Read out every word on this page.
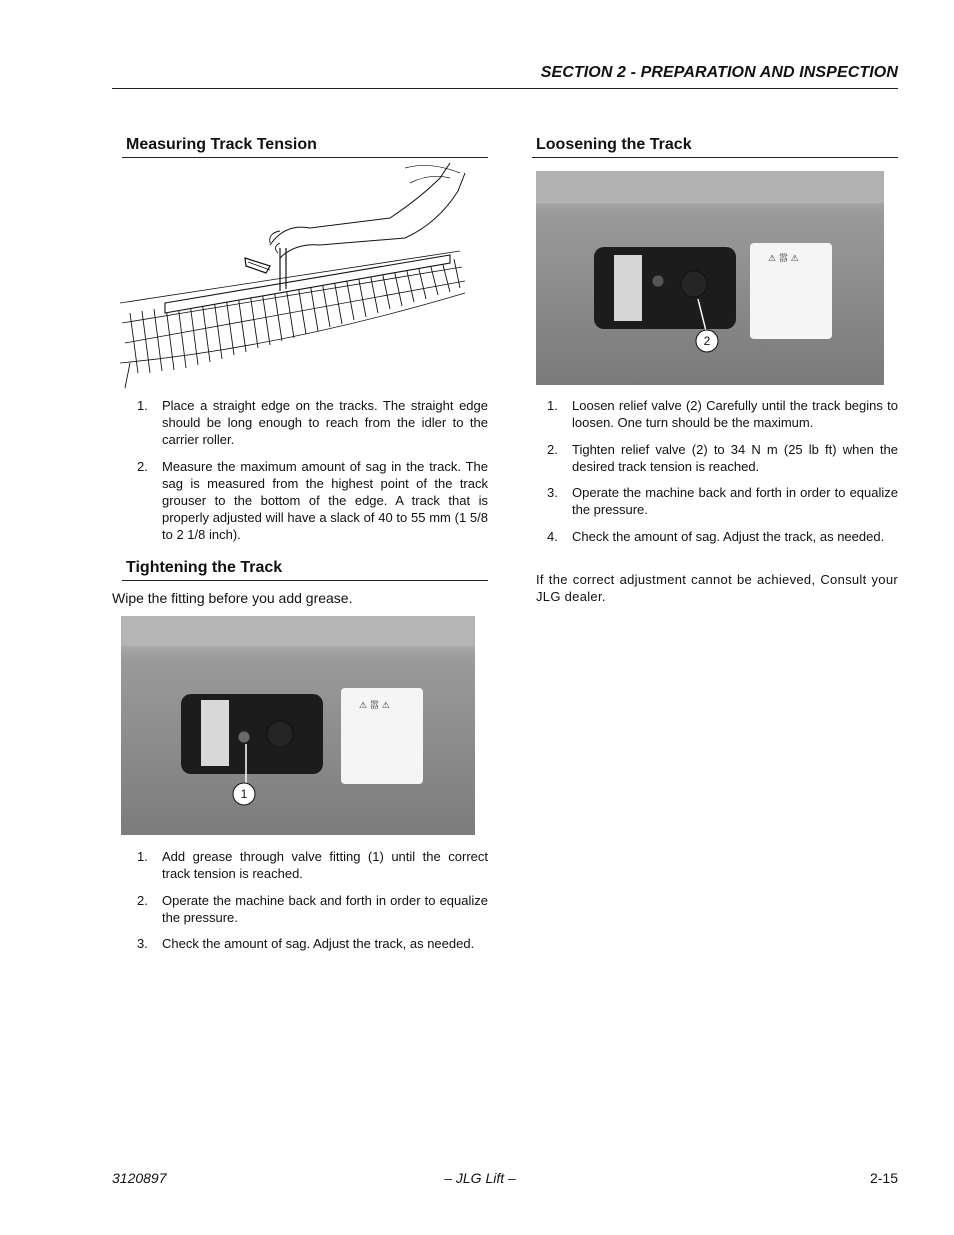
SECTION 2 - PREPARATION AND INSPECTION
Measuring Track Tension
1. Place a straight edge on the tracks. The straight edge should be long enough to reach from the idler to the carrier roller.
2. Measure the maximum amount of sag in the track. The sag is measured from the highest point of the track grouser to the bottom of the edge. A track that is properly adjusted will have a slack of 40 to 55 mm (1 5/8 to 2 1/8 inch).
Tightening the Track
Wipe the fitting before you add grease.
⚠ 嚣 ⚠
1
1. Add grease through valve fitting (1) until the correct track tension is reached.
2. Operate the machine back and forth in order to equalize the pressure.
3. Check the amount of sag. Adjust the track, as needed.
Loosening the Track
⚠ 嚣 ⚠
2
1. Loosen relief valve (2) Carefully until the track begins to loosen. One turn should be the maximum.
2. Tighten relief valve (2) to 34 N m (25 lb ft) when the desired track tension is reached.
3. Operate the machine back and forth in order to equalize the pressure.
4. Check the amount of sag. Adjust the track, as needed.
If the correct adjustment cannot be achieved, Consult your JLG dealer.
3120897	– JLG Lift –	2-15
